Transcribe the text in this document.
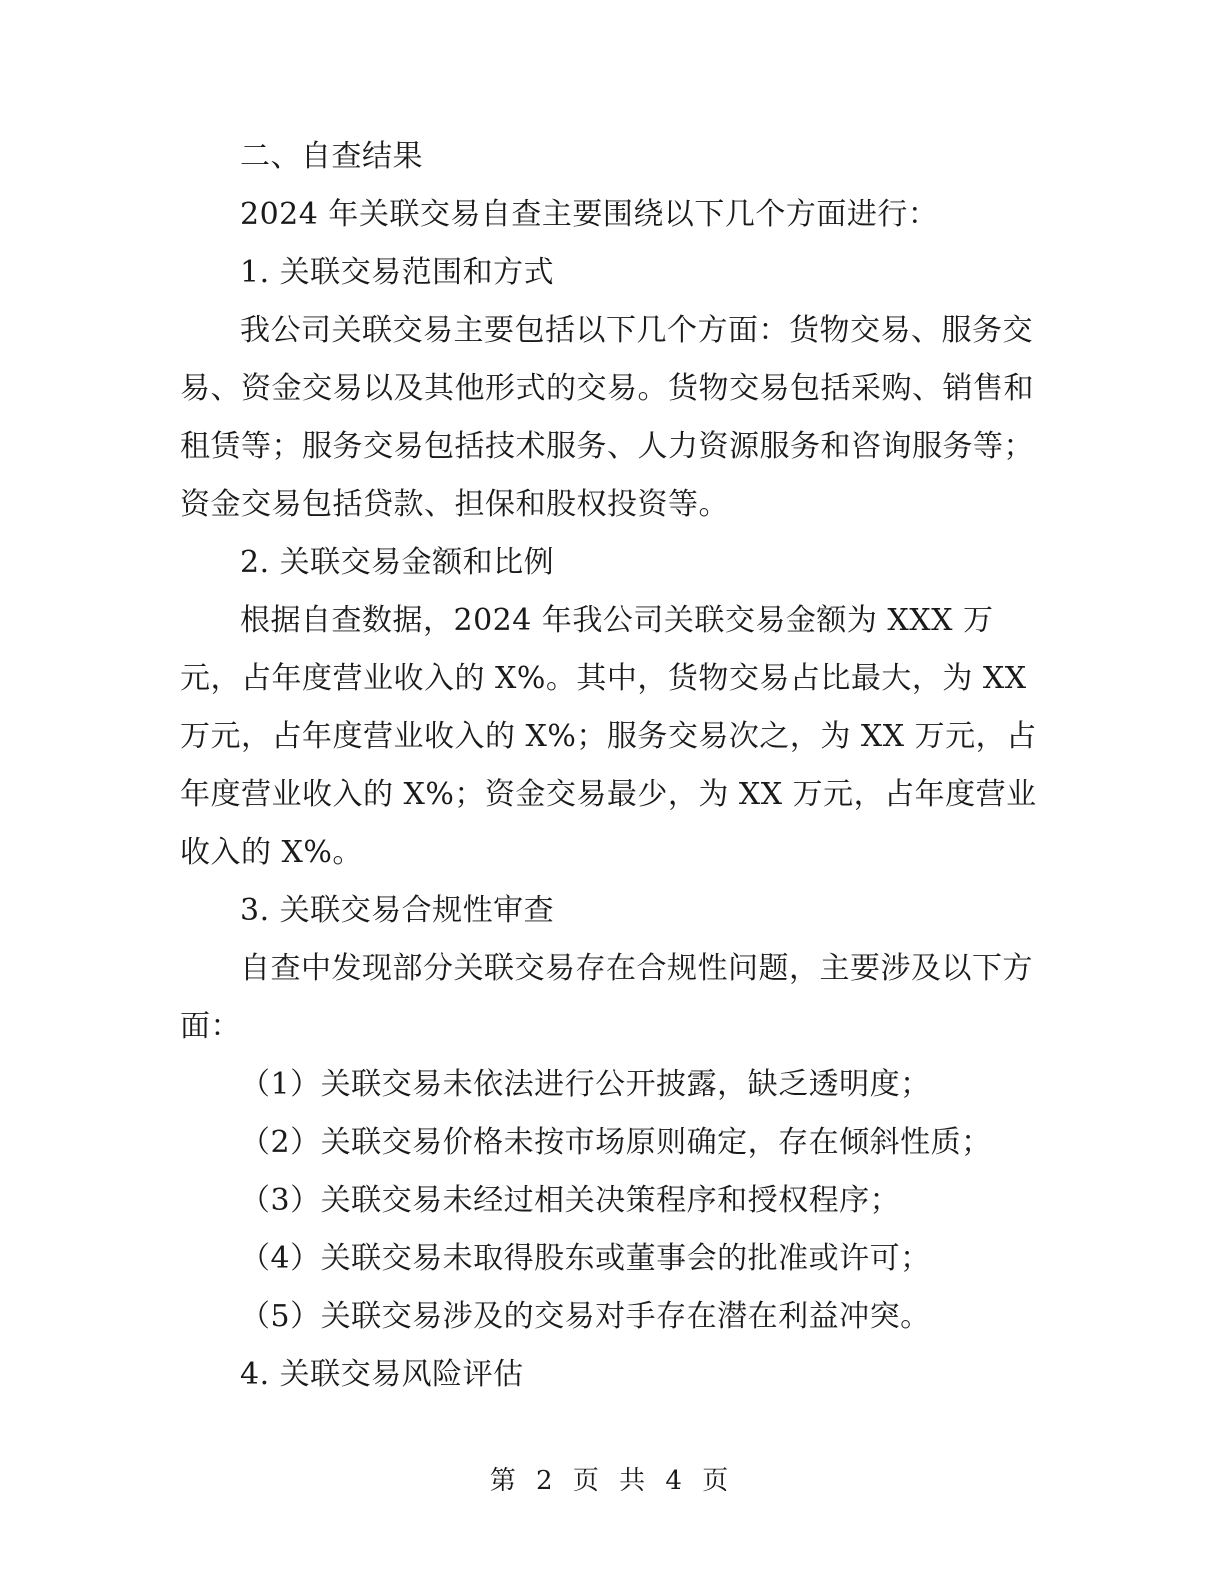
二、自查结果

2024 年关联交易自查主要围绕以下几个方面进行：

1. 关联交易范围和方式

我公司关联交易主要包括以下几个方面：货物交易、服务交易、资金交易以及其他形式的交易。货物交易包括采购、销售和租赁等；服务交易包括技术服务、人力资源服务和咨询服务等；资金交易包括贷款、担保和股权投资等。

2. 关联交易金额和比例

根据自查数据，2024 年我公司关联交易金额为 XXX 万元，占年度营业收入的 X%。其中，货物交易占比最大，为 XX 万元，占年度营业收入的 X%；服务交易次之，为 XX 万元，占年度营业收入的 X%；资金交易最少，为 XX 万元，占年度营业收入的 X%。

3. 关联交易合规性审查

自查中发现部分关联交易存在合规性问题，主要涉及以下方面：

（1）关联交易未依法进行公开披露，缺乏透明度；

（2）关联交易价格未按市场原则确定，存在倾斜性质；

（3）关联交易未经过相关决策程序和授权程序；

（4）关联交易未取得股东或董事会的批准或许可；

（5）关联交易涉及的交易对手存在潜在利益冲突。

4. 关联交易风险评估

第 2 页 共 4 页
